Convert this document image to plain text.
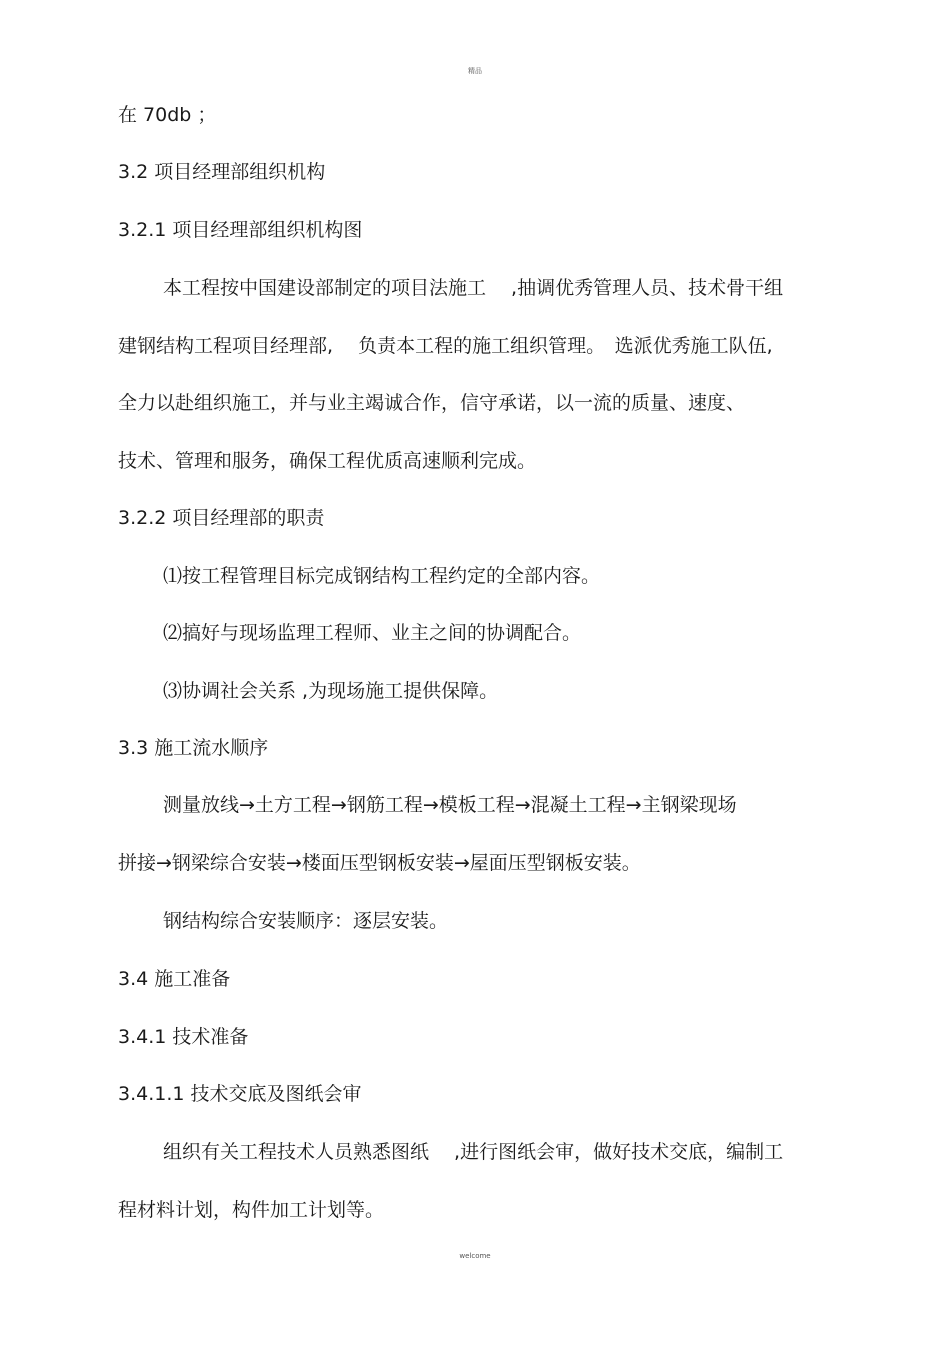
精品

在 70db ；

3.2 项目经理部组织机构

3.2.1 项目经理部组织机构图

本工程按中国建设部制定的项目法施工　 ,抽调优秀管理人员、技术骨干组

建钢结构工程项目经理部,　 负责本工程的施工组织管理。　选派优秀施工队伍,

全力以赴组织施工，并与业主竭诚合作，信守承诺，以一流的质量、速度、

技术、管理和服务，确保工程优质高速顺利完成。

3.2.2 项目经理部的职责

⑴按工程管理目标完成钢结构工程约定的全部内容。

⑵搞好与现场监理工程师、业主之间的协调配合。

⑶协调社会关系 ,为现场施工提供保障。

3.3 施工流水顺序

测量放线→土方工程→钢筋工程→模板工程→混凝土工程→主钢梁现场

拼接→钢梁综合安装→楼面压型钢板安装→屋面压型钢板安装。

钢结构综合安装顺序：逐层安装。

3.4 施工准备

3.4.1 技术准备

3.4.1.1 技术交底及图纸会审

组织有关工程技术人员熟悉图纸　 ,进行图纸会审，做好技术交底，编制工

程材料计划，构件加工计划等。

welcome
